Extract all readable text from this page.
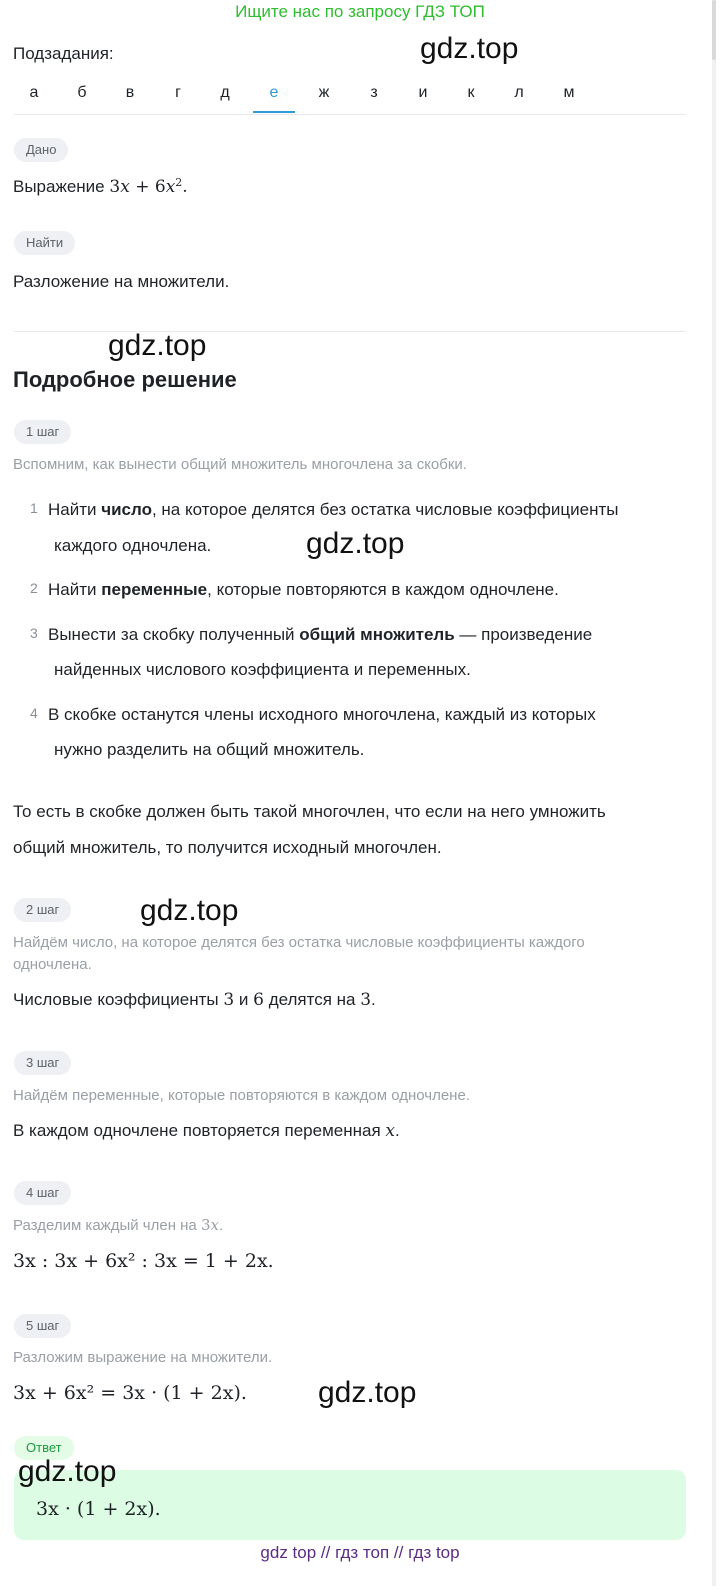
Ищите нас по запросу ГДЗ ТОП
Подзадания:	gdz.top
а	б	в	г	д	е	ж	з	и	к	л	м
Дано
Выражение $3x + 6x^2$.
Найти
Разложение на множители.
gdz.top
Подробное решение
1 шаг
Вспомним, как вынести общий множитель многочлена за скобки.
1 Найти число, на которое делятся без остатка числовые коэффициенты
каждого одночлена.	gdz.top
2 Найти переменные, которые повторяются в каждом одночлене.
3 Вынести за скобку полученный общий множитель — произведение
найденных числового коэффициента и переменных.
4 В скобке останутся члены исходного многочлена, каждый из которых
нужно разделить на общий множитель.
То есть в скобке должен быть такой многочлен, что если на него умножить
общий множитель, то получится исходный многочлен.
2 шаг	gdz.top
Найдём число, на которое делятся без остатка числовые коэффициенты каждого
одночлена.
Числовые коэффициенты 3 и 6 делятся на 3.
3 шаг
Найдём переменные, которые повторяются в каждом одночлене.
В каждом одночлене повторяется переменная x.
4 шаг
Разделим каждый член на 3x.
3x : 3x + 6x² : 3x = 1 + 2x.
5 шаг
Разложим выражение на множители.
3x + 6x² = 3x · (1 + 2x). gdz.top
Ответ
3x · (1 + 2x).
gdz.top
gdz top // гдз топ // гдз top
